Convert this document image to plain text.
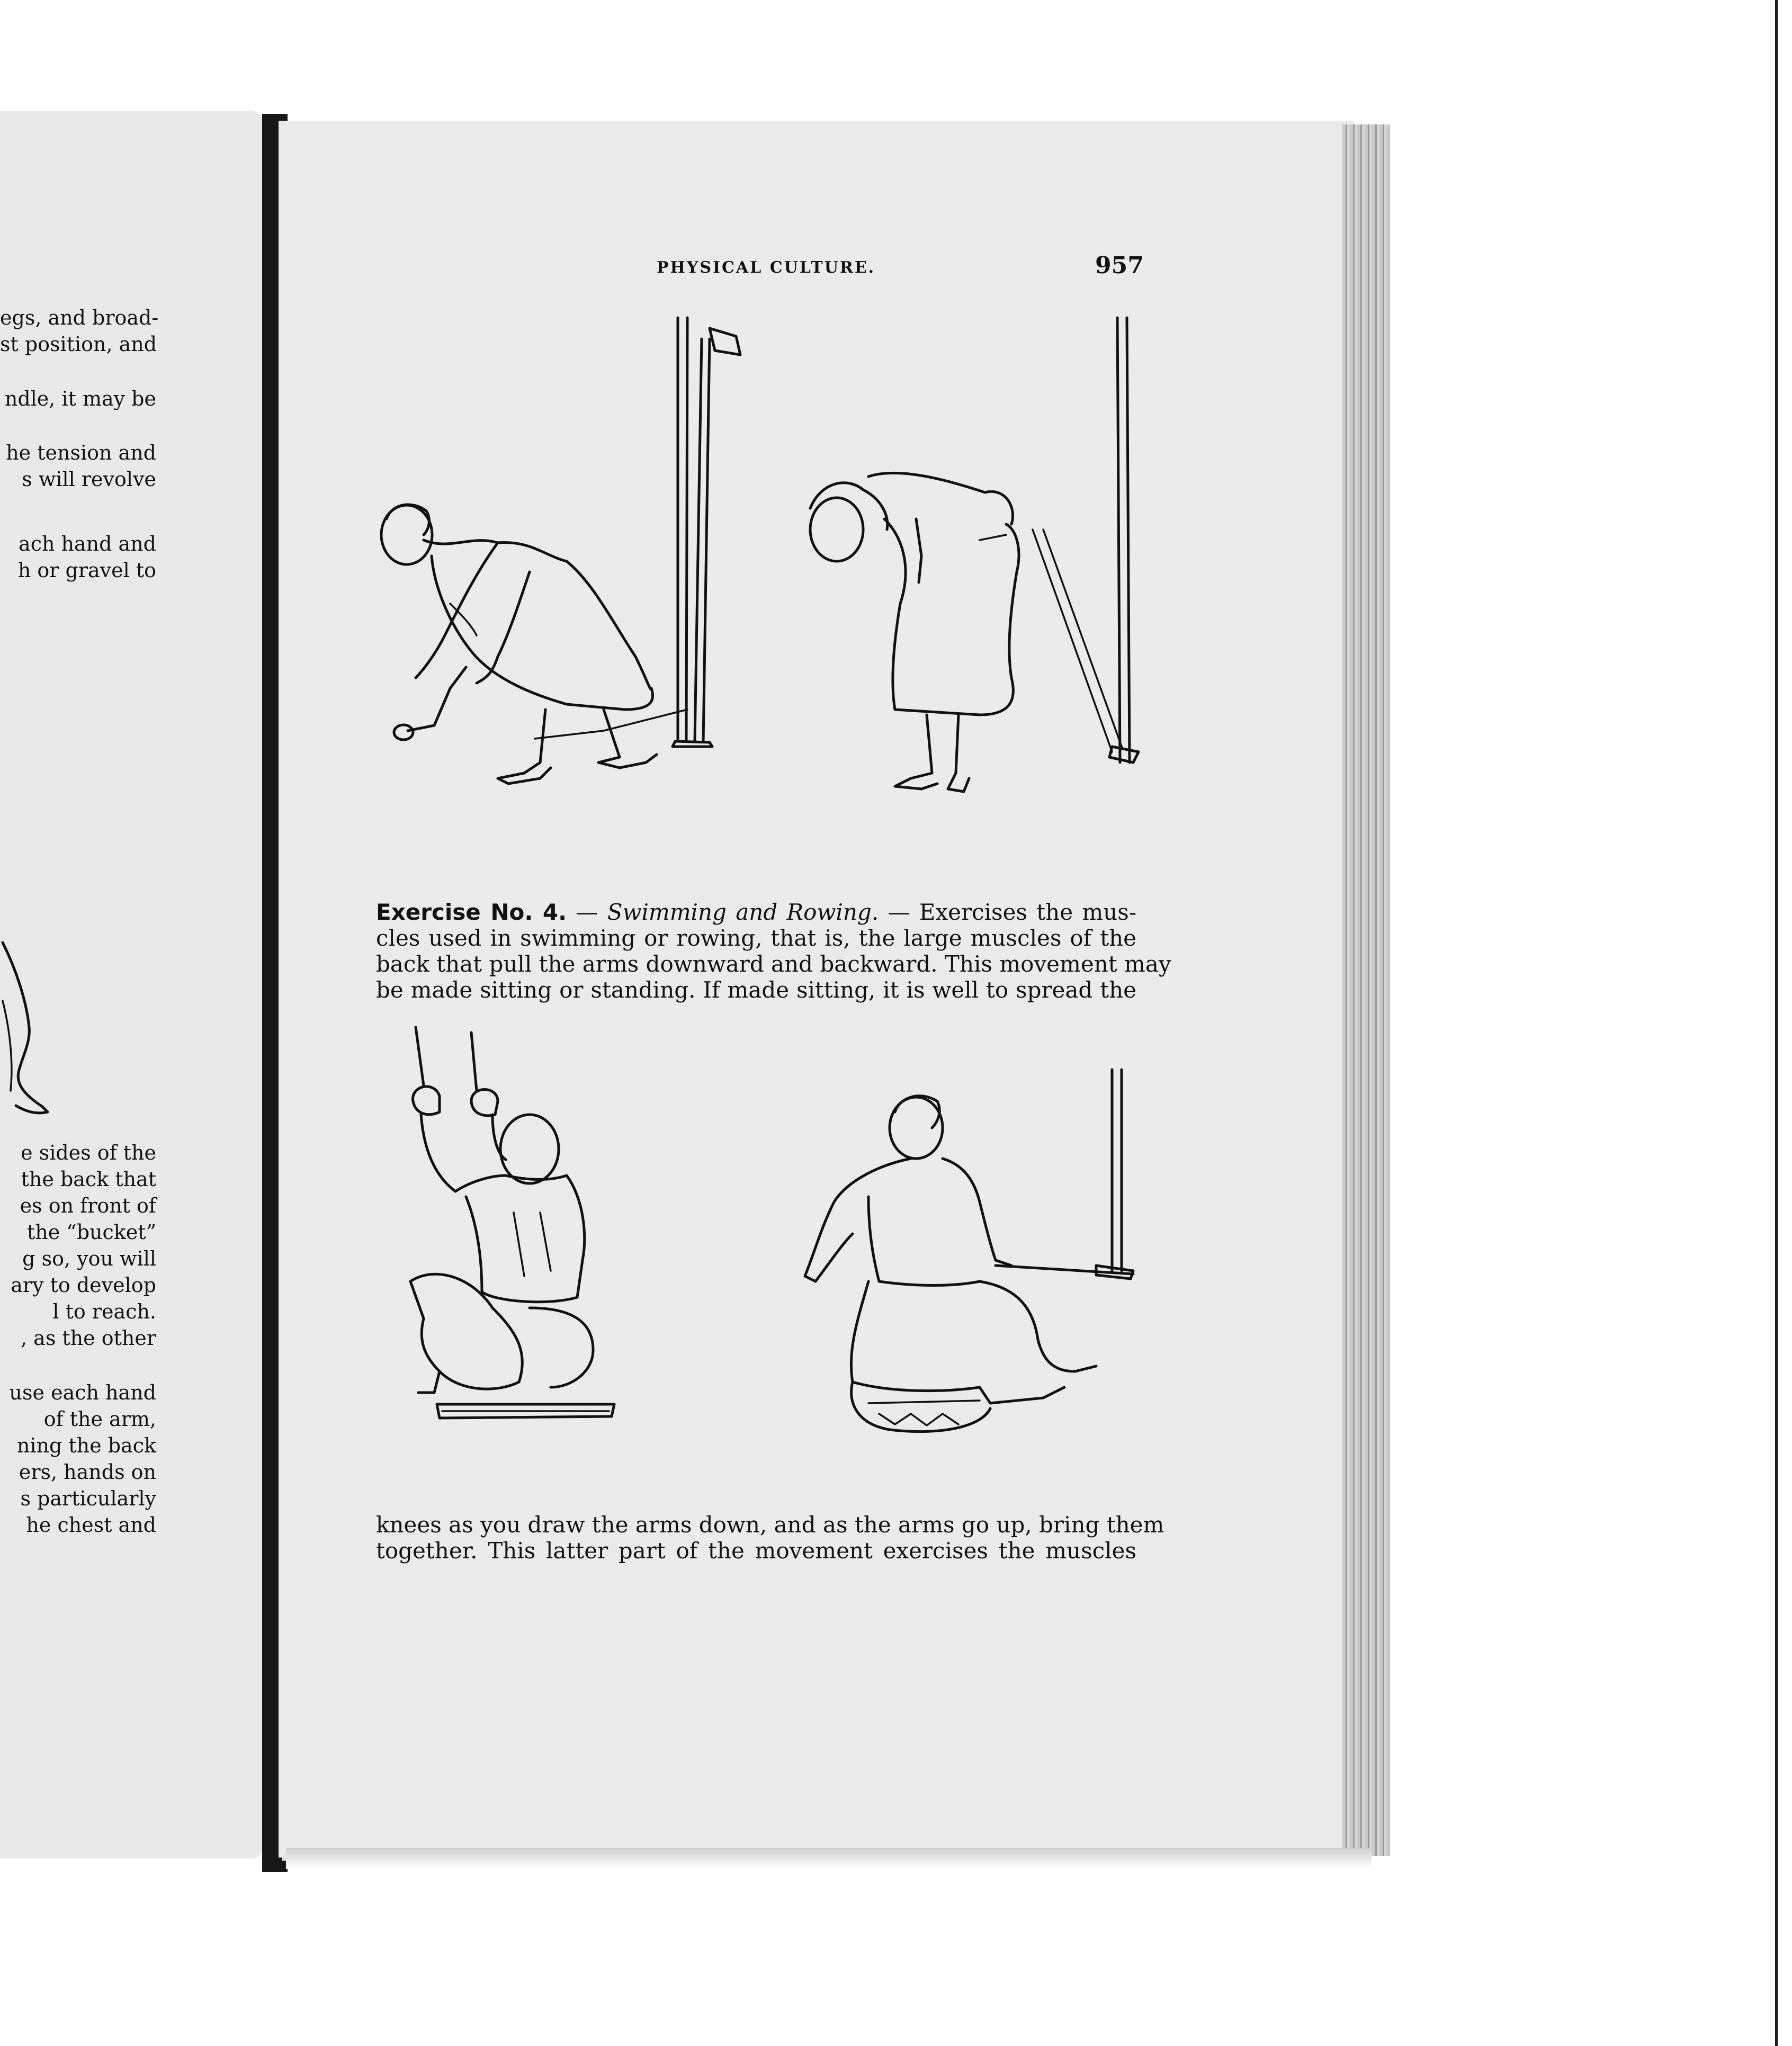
egs, and broad-
st position, and
ndle, it may be
he tension and
s will revolve
ach hand and
h or gravel to
e sides of the
the back that
es on front of
the “bucket”
g so, you will
ary to develop
l to reach.
, as the other
use each hand
of the arm,
ning the back
ers, hands on
s particularly
he chest and
PHYSICAL CULTURE.	957
Exercise No. 4. — Swimming and Rowing. — Exercises the mus-
cles used in swimming or rowing, that is, the large muscles of the
back that pull the arms downward and backward. This movement may
be made sitting or standing. If made sitting, it is well to spread the
knees as you draw the arms down, and as the arms go up, bring them
together. This latter part of the movement exercises the muscles
